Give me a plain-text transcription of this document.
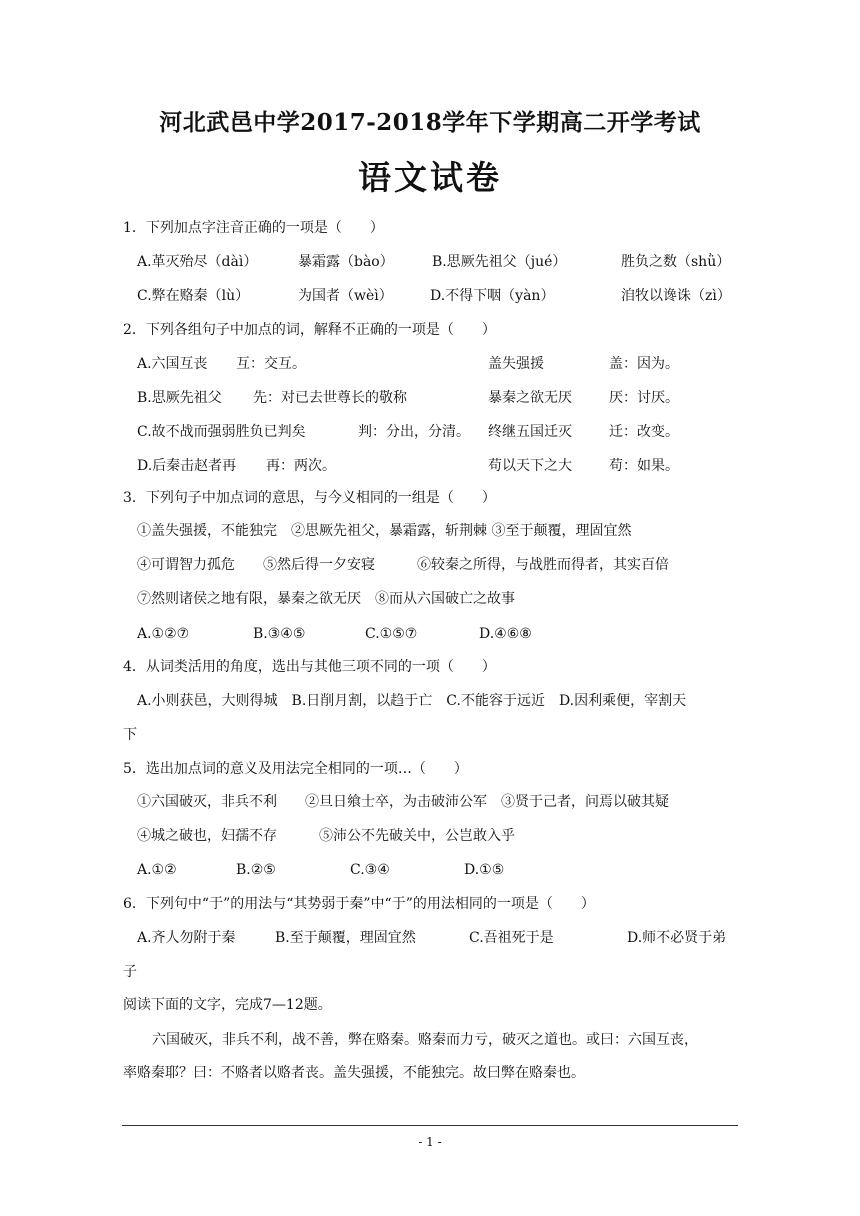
河北武邑中学2017-2018学年下学期高二开学考试
语文试卷
1．下列加点字注音正确的一项是（　　）
A.革灭殆尽（dàì）	暴霜露（bào）	B.思厥先祖父（jué）	胜负之数（shǜ）
C.弊在赂秦（lù）	为国者（wèì）	D.不得下咽（yàn）	洎牧以谗诛（zì）
2．下列各组句子中加点的词，解释不正确的一项是（　　）
A.六国互丧 互：交互。	盖失强援	盖：因为。
B.思厥先祖父 先：对已去世尊长的敬称	暴秦之欲无厌	厌：讨厌。
C.故不战而强弱胜负已判矣	判：分出，分清。 终继五国迁灭	迁：改变。
D.后秦击赵者再 再：两次。	苟以天下之大	苟：如果。
3．下列句子中加点词的意思，与今义相同的一组是（　　）
①盖失强援，不能独完　②思厥先祖父，暴霜露，斩荆棘 ③至于颠覆，理固宜然
④可谓智力孤危　　⑤然后得一夕安寝　　　⑥较秦之所得，与战胜而得者，其实百倍
⑦然则诸侯之地有限，暴秦之欲无厌　⑧而从六国破亡之故事
A.①②⑦	B.③④⑤	C.①⑤⑦	D.④⑥⑧
4．从词类活用的角度，选出与其他三项不同的一项（　　）
A.小则获邑，大则得城　B.日削月割，以趋于亡　C.不能容于远近　D.因利乘便，宰割天
下
5．选出加点词的意义及用法完全相同的一项…（　　）
①六国破灭，非兵不利　　②旦日飨士卒，为击破沛公军　③贤于己者，问焉以破其疑
④城之破也，妇孺不存　　　⑤沛公不先破关中，公岂敢入乎
A.①②	B.②⑤	C.③④	D.①⑤
6．下列句中“于”的用法与“其势弱于秦”中“于”的用法相同的一项是（　　）
A.齐人勿附于秦	B.至于颠覆，理固宜然	C.吾祖死于是	D.师不必贤于弟
子
阅读下面的文字，完成7—12题。
六国破灭，非兵不利，战不善，弊在赂秦。赂秦而力亏，破灭之道也。或曰：六国互丧，
率赂秦耶？曰：不赂者以赂者丧。盖失强援，不能独完。故曰弊在赂秦也。
- 1 -
